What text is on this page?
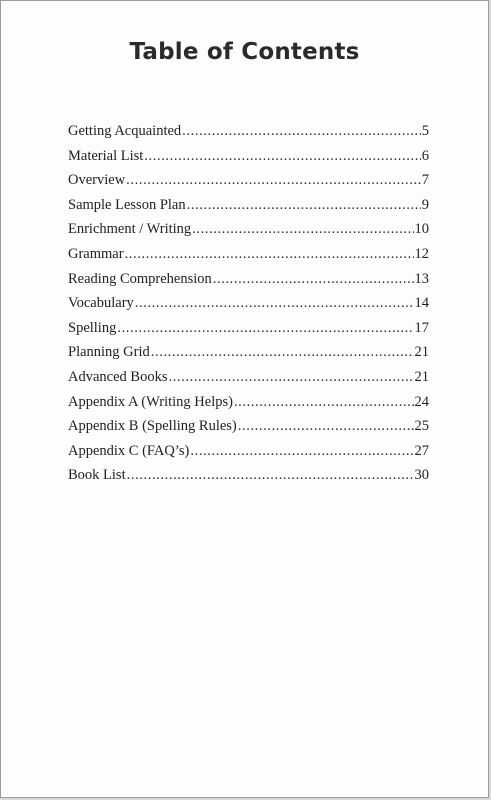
Table of Contents
Getting Acquainted .....	5
Material List .....	6
Overview .....	7
Sample Lesson Plan .....	9
Enrichment / Writing .....	10
Grammar .....	12
Reading Comprehension .....	13
Vocabulary .....	14
Spelling .....	17
Planning Grid .....	21
Advanced Books .....	21
Appendix A (Writing Helps) .....	24
Appendix B (Spelling Rules) .....	25
Appendix C (FAQ’s) .....	27
Book List .....	30
